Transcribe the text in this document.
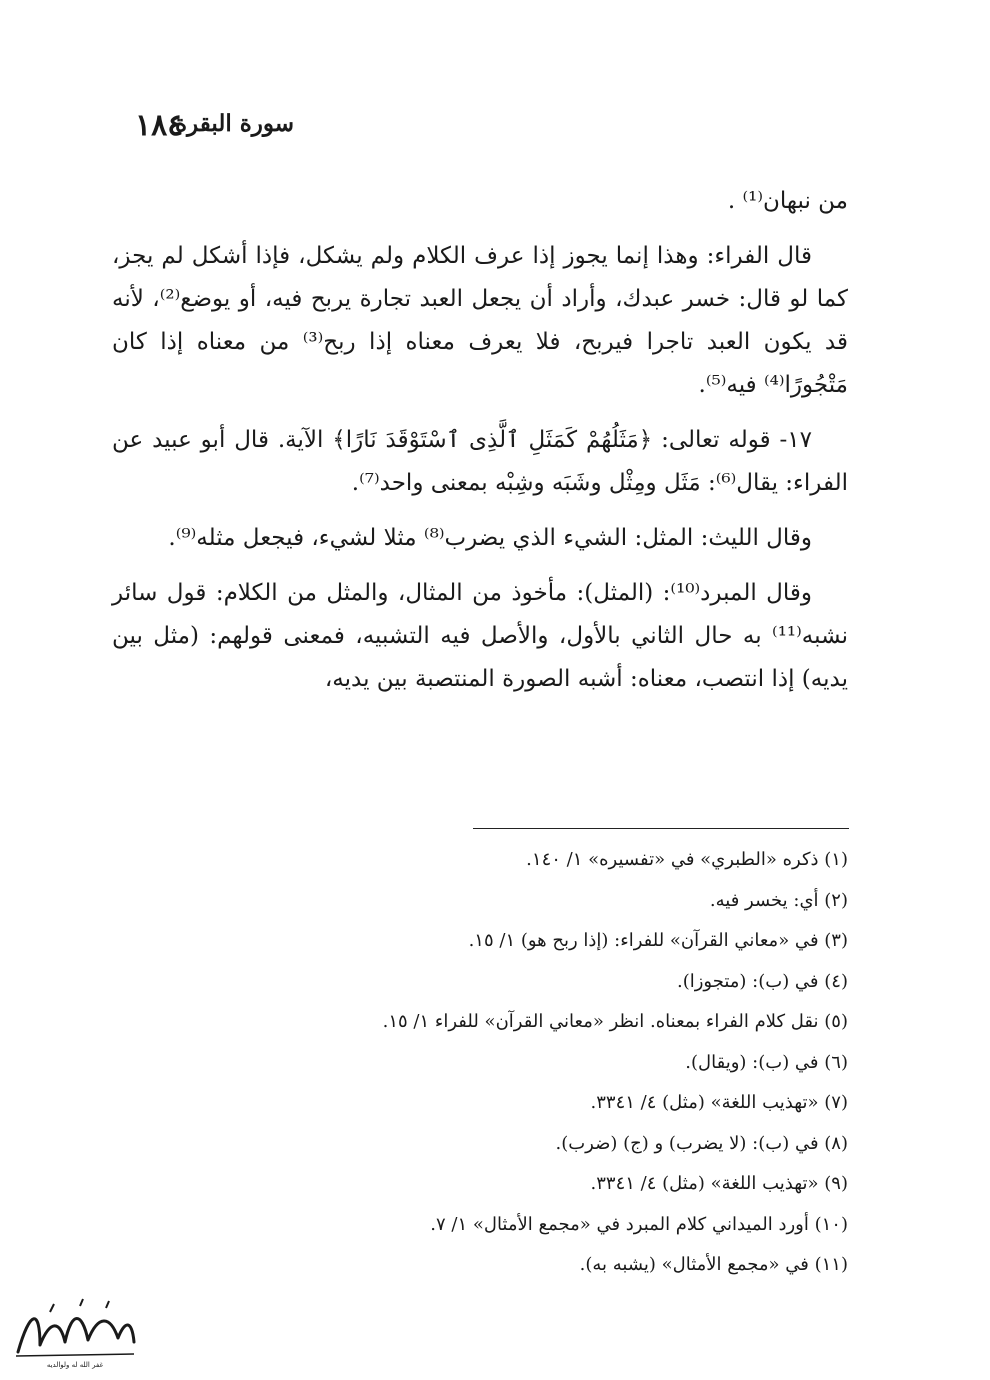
١٨٤
سورة البقرة

من نبهان⁽¹⁾ .

قال الفراء: وهذا إنما يجوز إذا عرف الكلام ولم يشكل، فإذا أشكل لم يجز، كما لو قال: خسر عبدك، وأراد أن يجعل العبد تجارة يربح فيه، أو يوضع⁽²⁾، لأنه قد يكون العبد تاجرا فيربح، فلا يعرف معناه إذا ربح⁽³⁾ من معناه إذا كان مَتْجُورًا⁽⁴⁾ فيه⁽⁵⁾.

١٧- قوله تعالى: ﴿مَثَلُهُمْ كَمَثَلِ ٱلَّذِى ٱسْتَوْقَدَ نَارًا﴾ الآية. قال أبو عبيد عن الفراء: يقال⁽⁶⁾: مَثَل ومِثْل وشَبَه وشِبْه بمعنى واحد⁽⁷⁾.

وقال الليث: المثل: الشيء الذي يضرب⁽⁸⁾ مثلا لشيء، فيجعل مثله⁽⁹⁾.

وقال المبرد⁽¹⁰⁾: (المثل): مأخوذ من المثال، والمثل من الكلام: قول سائر نشبه⁽¹¹⁾ به حال الثاني بالأول، والأصل فيه التشبيه، فمعنى قولهم: (مثل بين يديه) إذا انتصب، معناه: أشبه الصورة المنتصبة بين يديه،

(١) ذكره «الطبري» في «تفسيره» ١/ ١٤٠.
(٢) أي: يخسر فيه.
(٣) في «معاني القرآن» للفراء: (إذا ربح هو) ١/ ١٥.
(٤) في (ب): (متجوزا).
(٥) نقل كلام الفراء بمعناه. انظر «معاني القرآن» للفراء ١/ ١٥.
(٦) في (ب): (ويقال).
(٧) «تهذيب اللغة» (مثل) ٤/ ٣٣٤١.
(٨) في (ب): (لا يضرب) و (ج) (ضرب).
(٩) «تهذيب اللغة» (مثل) ٤/ ٣٣٤١.
(١٠) أورد الميداني كلام المبرد في «مجمع الأمثال» ١/ ٧.
(١١) في «مجمع الأمثال» (يشبه به).
غفر الله له ولوالديه
